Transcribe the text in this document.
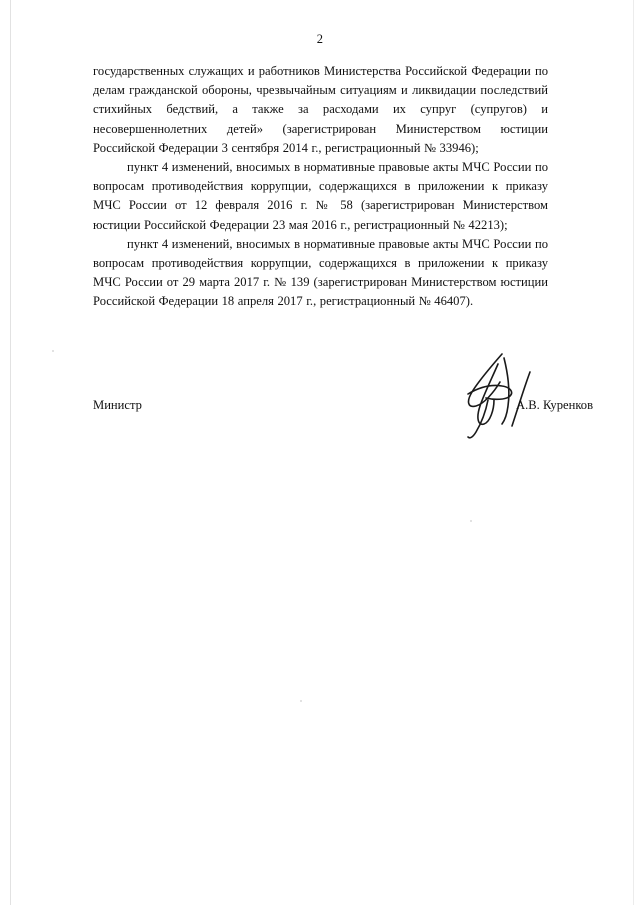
2

государственных служащих и работников Министерства Российской Федерации по делам гражданской обороны, чрезвычайным ситуациям и ликвидации последствий стихийных бедствий, а также за расходами их супруг (супругов) и несовершеннолетних детей» (зарегистрирован Министерством юстиции Российской Федерации 3 сентября 2014 г., регистрационный № 33946);

пункт 4 изменений, вносимых в нормативные правовые акты МЧС России по вопросам противодействия коррупции, содержащихся в приложении к приказу МЧС России от 12 февраля 2016 г. № 58 (зарегистрирован Министерством юстиции Российской Федерации 23 мая 2016 г., регистрационный № 42213);

пункт 4 изменений, вносимых в нормативные правовые акты МЧС России по вопросам противодействия коррупции, содержащихся в приложении к приказу МЧС России от 29 марта 2017 г. № 139 (зарегистрирован Министерством юстиции Российской Федерации 18 апреля 2017 г., регистрационный № 46407).

Министр	А.В. Куренков
